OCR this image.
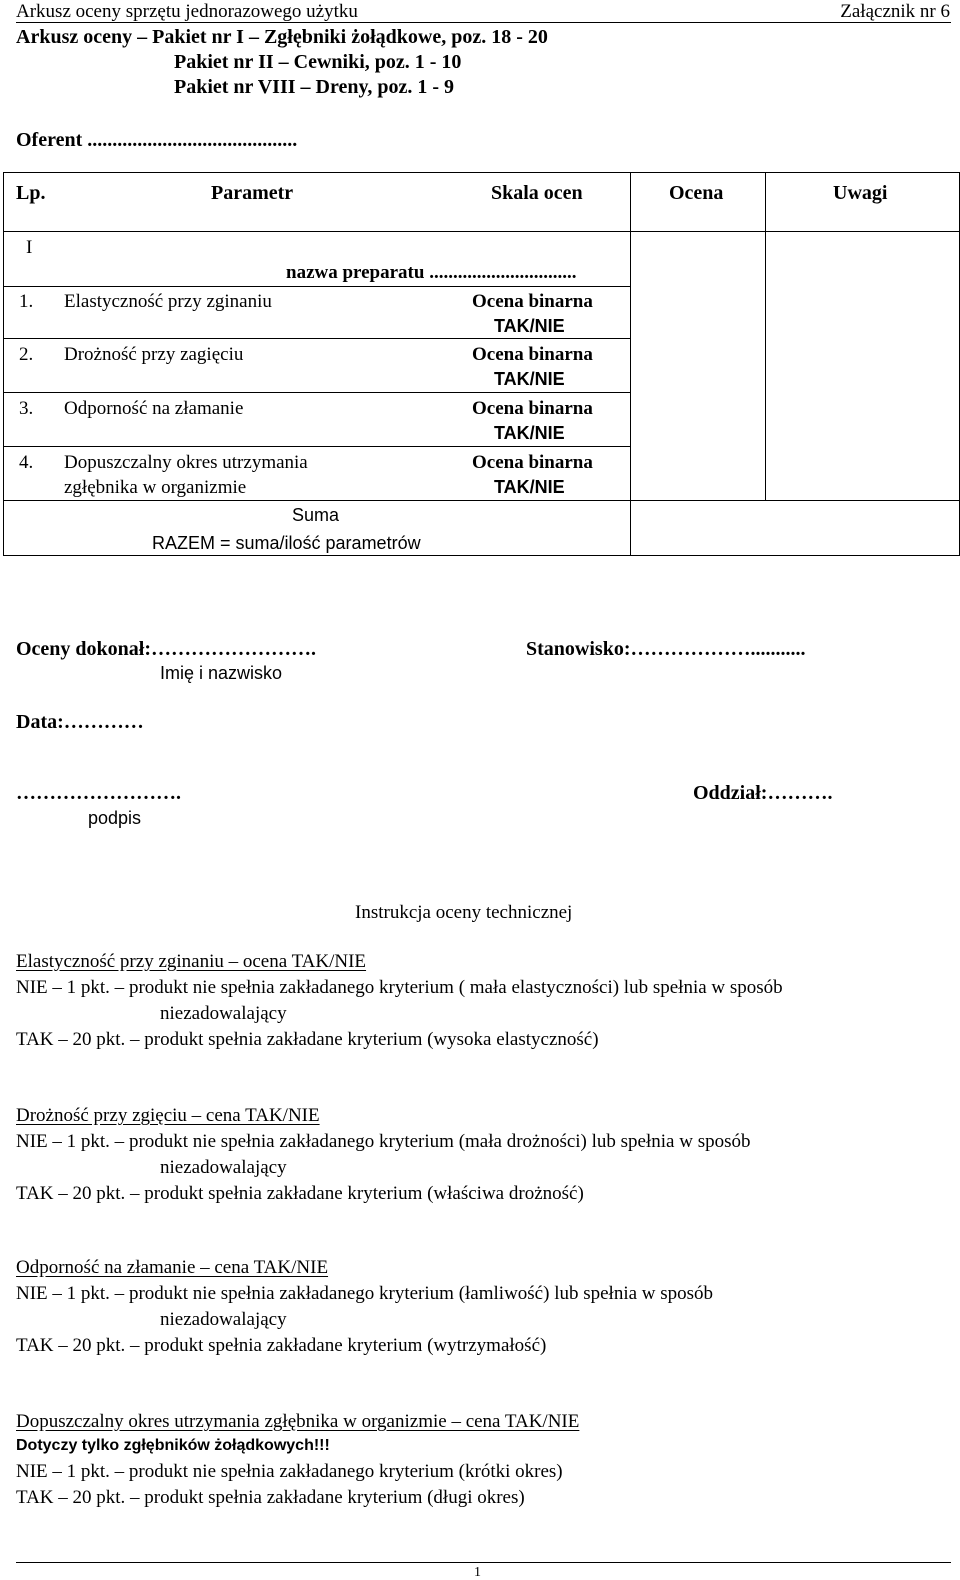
Arkusz oceny sprzętu jednorazowego użytku	Załącznik nr 6
Arkusz oceny – Pakiet nr I – Zgłębniki żołądkowe, poz. 18 - 20
Pakiet nr II – Cewniki, poz. 1 - 10
Pakiet nr VIII – Dreny, poz. 1 - 9
Oferent ..........................................
Lp.	Parametr	Skala ocen	Ocena	Uwagi
I
nazwa preparatu ...............................
1. Elastyczność przy zginaniu	Ocena binarna
TAK/NIE
2. Drożność przy zagięciu	Ocena binarna
TAK/NIE
3. Odporność na złamanie	Ocena binarna
TAK/NIE
4. Dopuszczalny okres utrzymania
zgłębnika w organizmie
Ocena binarna
TAK/NIE
Suma
RAZEM = suma/ilość parametrów
Oceny dokonał:…………………….
Imię i nazwisko
Stanowisko:………………...........
Data:…………
…………………….
podpis
Oddział:……….
Instrukcja oceny technicznej
Elastyczność przy zginaniu – ocena TAK/NIE
NIE – 1 pkt. – produkt nie spełnia zakładanego kryterium ( mała elastyczności) lub spełnia w sposób
niezadowalający
TAK – 20 pkt. – produkt spełnia zakładane kryterium (wysoka elastyczność)
Drożność przy zgięciu – cena TAK/NIE
NIE – 1 pkt. – produkt nie spełnia zakładanego kryterium (mała drożności) lub spełnia w sposób
niezadowalający
TAK – 20 pkt. – produkt spełnia zakładane kryterium (właściwa drożność)
Odporność na złamanie – cena TAK/NIE
NIE – 1 pkt. – produkt nie spełnia zakładanego kryterium (łamliwość) lub spełnia w sposób
niezadowalający
TAK – 20 pkt. – produkt spełnia zakładane kryterium (wytrzymałość)
Dopuszczalny okres utrzymania zgłębnika w organizmie – cena TAK/NIE
Dotyczy tylko zgłębników żołądkowych!!!
NIE – 1 pkt. – produkt nie spełnia zakładanego kryterium (krótki okres)
TAK – 20 pkt. – produkt spełnia zakładane kryterium (długi okres)
1
